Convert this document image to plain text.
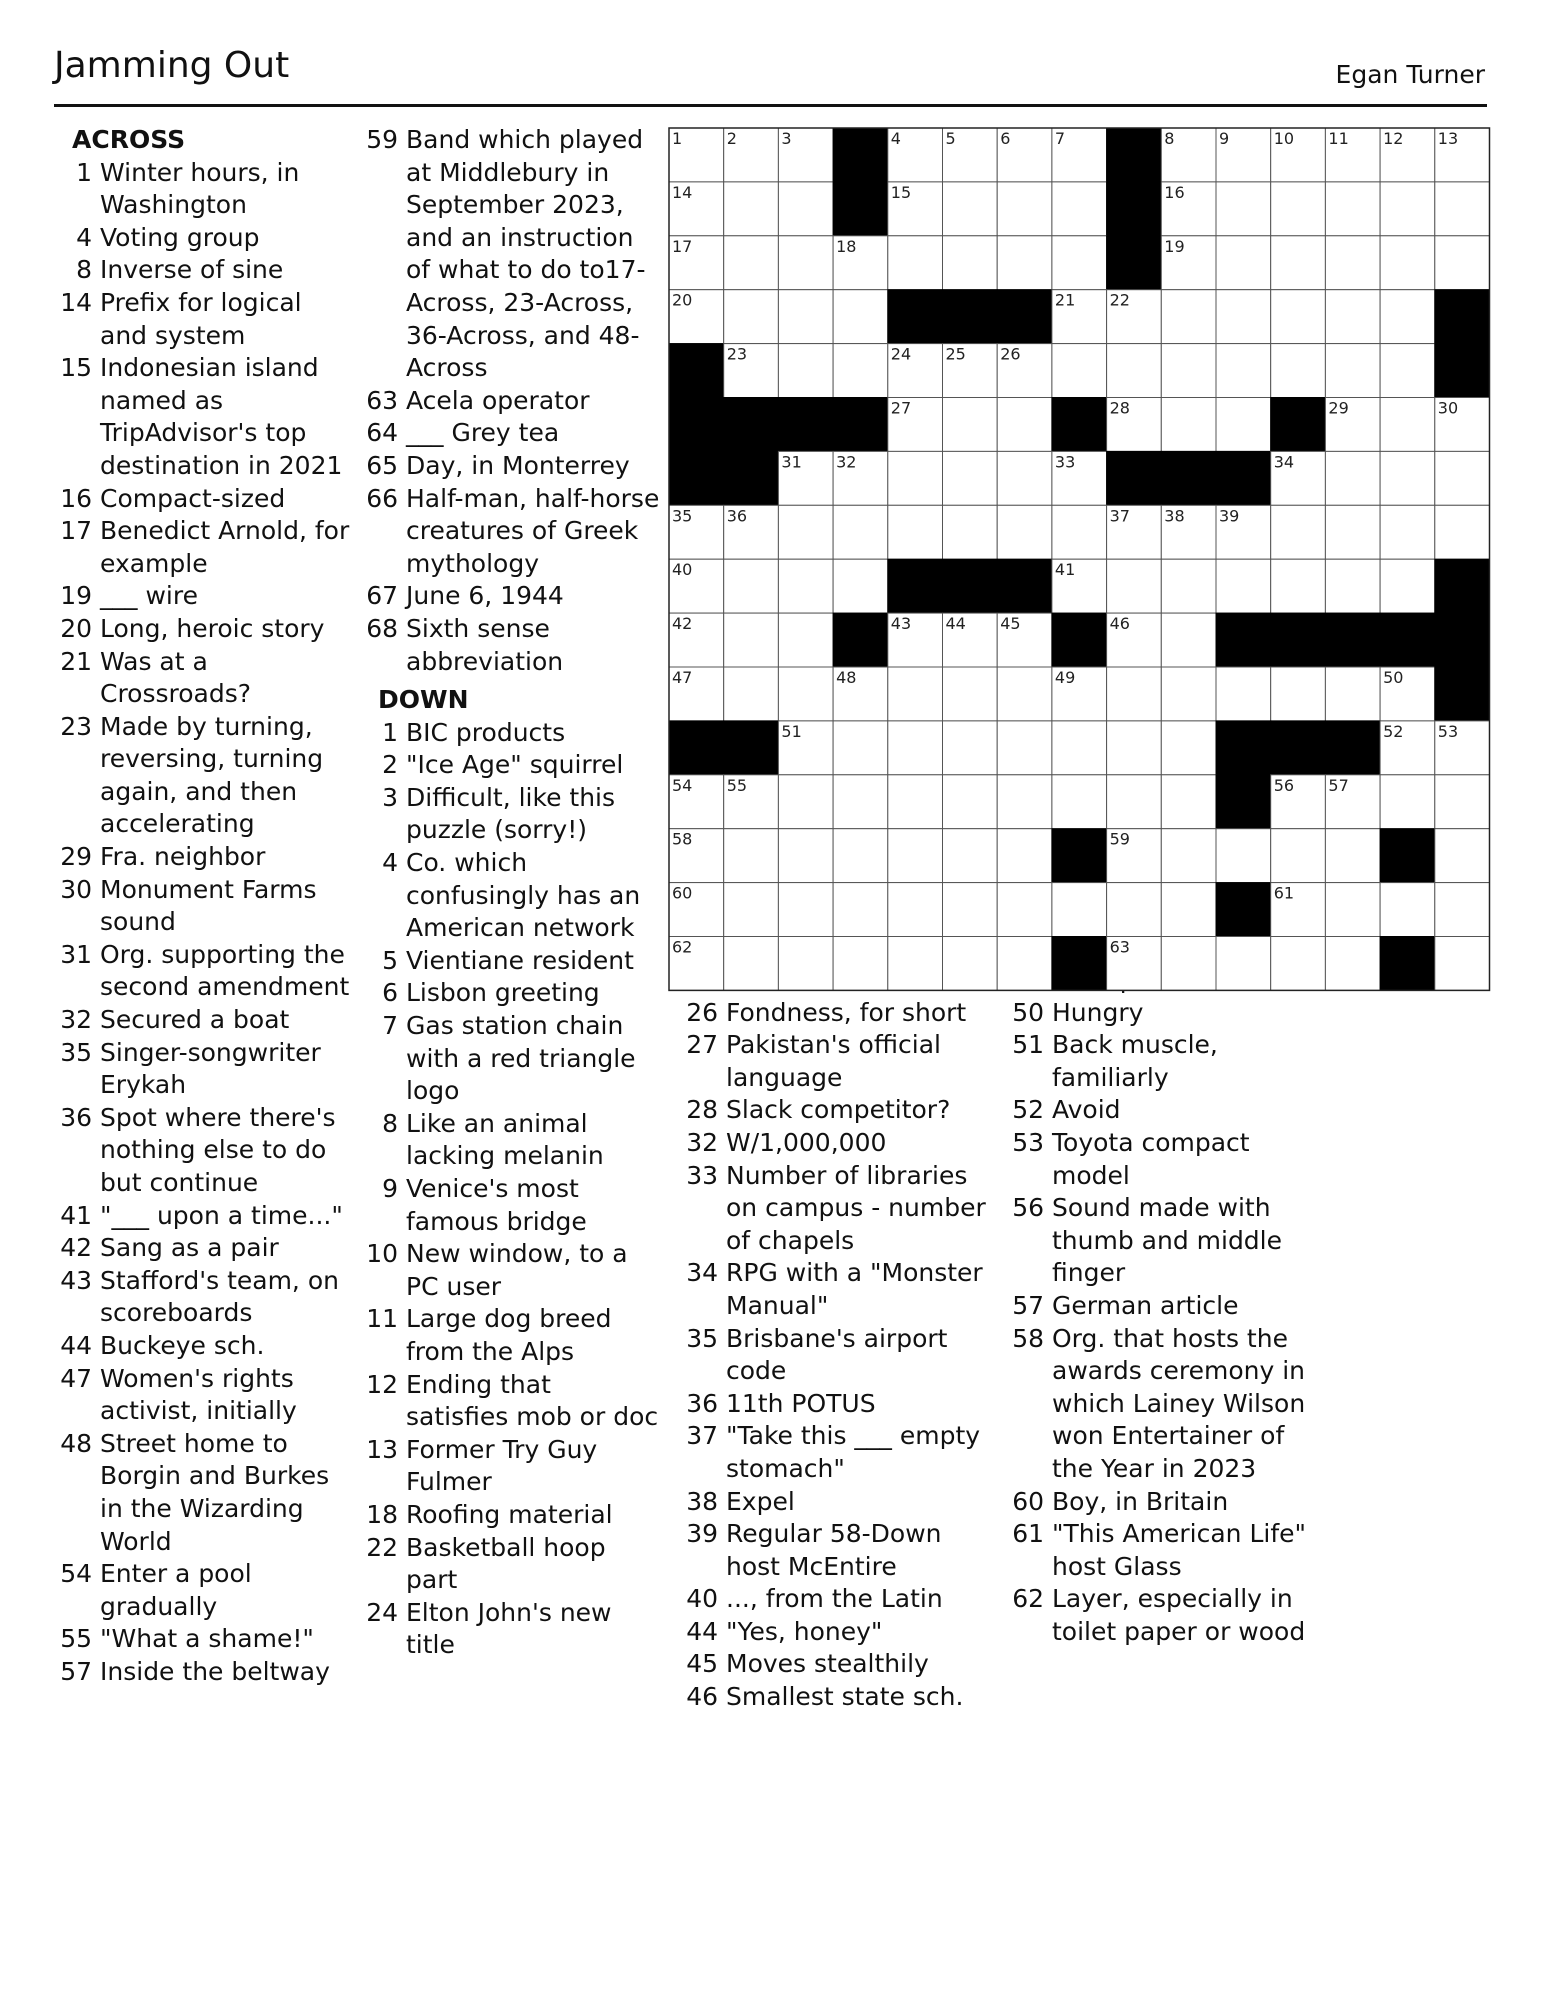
Jamming Out	Egan Turner
ACROSS
1 Winter hours, in Washington
4 Voting group
8 Inverse of sine
14 Prefix for logical and system
15 Indonesian island named as TripAdvisor's top destination in 2021
16 Compact-sized
17 Benedict Arnold, for example
19 ___ wire
20 Long, heroic story
21 Was at a Crossroads?
23 Made by turning, reversing, turning again, and then accelerating
29 Fra. neighbor
30 Monument Farms sound
31 Org. supporting the second amendment
32 Secured a boat
35 Singer-songwriter Erykah
36 Spot where there's nothing else to do but continue
41 "___ upon a time..."
42 Sang as a pair
43 Stafford's team, on scoreboards
44 Buckeye sch.
47 Women's rights activist, initially
48 Street home to Borgin and Burkes in the Wizarding World
54 Enter a pool gradually
55 "What a shame!"
57 Inside the beltway
59 Band which played at Middlebury in September 2023, and an instruction of what to do to17-Across, 23-Across, 36-Across, and 48-Across
63 Acela operator
64 ___ Grey tea
65 Day, in Monterrey
66 Half-man, half-horse creatures of Greek mythology
67 June 6, 1944
68 Sixth sense abbreviation
DOWN
1 BIC products
2 "Ice Age" squirrel
3 Difficult, like this puzzle (sorry!)
4 Co. which confusingly has an American network
5 Vientiane resident
6 Lisbon greeting
7 Gas station chain with a red triangle logo
8 Like an animal lacking melanin
9 Venice's most famous bridge
10 New window, to a PC user
11 Large dog breed from the Alps
12 Ending that satisfies mob or doc
13 Former Try Guy Fulmer
18 Roofing material
22 Basketball hoop part
24 Elton John's new title
26 Fondness, for short
27 Pakistan's official language
28 Slack competitor?
32 W/1,000,000
33 Number of libraries on campus - number of chapels
34 RPG with a "Monster Manual"
35 Brisbane's airport code
36 11th POTUS
37 "Take this ___ empty stomach"
38 Expel
39 Regular 58-Down host McEntire
40 ..., from the Latin
44 "Yes, honey"
45 Moves stealthily
46 Smallest state sch.
50 Hungry
51 Back muscle, familiarly
52 Avoid
53 Toyota compact model
56 Sound made with thumb and middle finger
57 German article
58 Org. that hosts the awards ceremony in which Lainey Wilson won Entertainer of the Year in 2023
60 Boy, in Britain
61 "This American Life" host Glass
62 Layer, especially in toilet paper or wood
1	2	3	4	5	6	7	8	9	10 11 12 13
14	15	16
17	18	19
20	21 22
23	24 25 26
27	28	29	30
31 32	33	34
35 36	37 38 39
40	41
42	43 44 45	46
47	48	49	50
51	52 53
54 55	56 57
58	59
60	61
62	63
